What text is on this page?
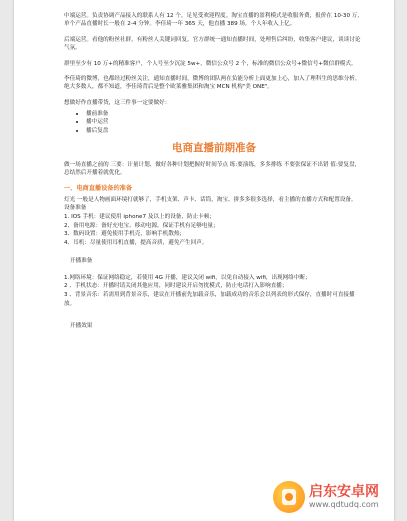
中端运营。负责协调产品接入的联系人有 12 个，足见受欢迎程度。淘宝直播的盈利模式是收服务费，报价在 10-30 万，单个产品直播时长一般在 2-4 分钟。李佳琦一年 365 天，他直播 389 场，个人年收入上亿。

后端运营。看他的粉丝社群，有粉丝人关键词回复，官方群统一通知直播时间，处理售后纠纷，收集客户建议，谈谈讨论气氛。

群里至少有 10 万+的精准客户，个人号至少沉淀 5w+，微信公众号 2 个，标准的微信公众号+微信号+微信群模式。

李佳琦的微博，也都经过粉丝关注，通知直播时间，微博的团队两在负能分析上面更加上心，加入了理科生的思维分析。绝大多数人，都不知道，李佳琦背后是整个欧莱雅集团和淘宝 MCN 机构"美 ONE"。

想做好作直播带货，这三件事一定要做好：

• 播前准备
• 播中运营
• 播后复盘
电商直播前期准备

做一场直播之前的 三要：计量计划、做好各种计划把握好时间节点 练:要演练，多多排练 不要张保证不出错 值:要复盘，总结然后开播着就优化。

一、电商直播设备的准备

灯光 一般是人物画面环境打就够了，手机支架、声卡、话筒，淘宝、拼多多很多选择，看主播的直播方式和配置设备。

设备准备
1. IOS 手机：建议使用 iphone7 及以上的设备，防止卡顿；
2、备用电源：备好充电宝、移动电源，保证手机有足够电量；
3、数码设置：避免使用手机壳，影响手机散热；
4、耳机：尽量使用耳机直播，提高音质，避免产生回声。
开播准备
1.网络环境：保证网络稳定，若使用 4G 开播，建议关闭 wifi，以免自动接入 wifi，出现网络中断；
2 、手机状态：开播时请关闭其他应用，同时建议开启勿扰模式，防止电话打入影响直播；
3 、背景音乐：若需用到背景音乐，建议在开播前先加载音乐，加载成功的音乐会以列表的形式保存，直播时可直接播放。
开播效果
启东安卓网
www.qdtudq.com
